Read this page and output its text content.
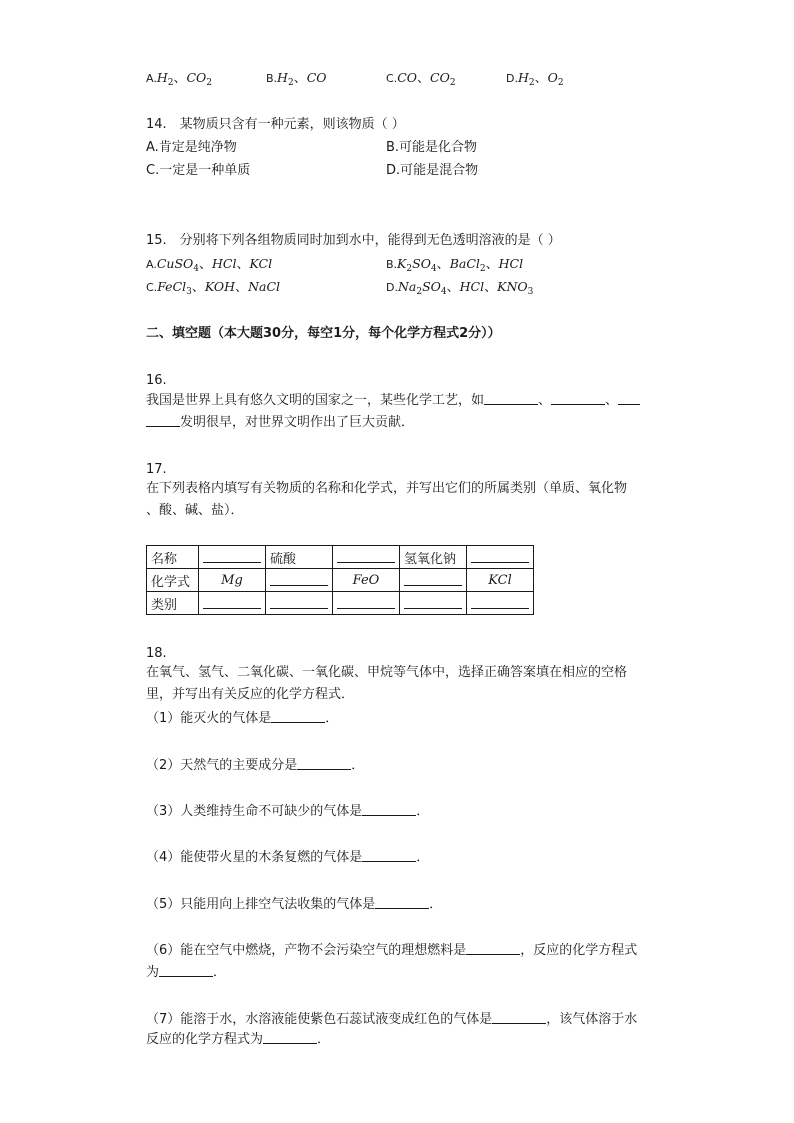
$A.H_2$、$CO_2$	$B.H_2$、CO	C.CO、$CO_2$	$D.H_2$、$O_2$
14.　某物质只含有一种元素，则该物质（ ）
A.肯定是纯净物	B.可能是化合物
C.一定是一种单质	D.可能是混合物
15.　分别将下列各组物质同时加到水中，能得到无色透明溶液的是（ ）
A.CuSO$_4$、HCl、KCl	$B.K_2SO_4$、BaCl$_2$、HCl
C.FeCl$_3$、KOH、NaCl	$D.Na_2SO_4$、HCl、$KNO_3$
二、填空题（本大题30分，每空1分，每个化学方程式2分））
16.
我国是世界上具有悠久文明的国家之一，某些化学工艺，如	、	、
发明很早，对世界文明作出了巨大贡献．
17.
在下列表格内填写有关物质的名称和化学式，并写出它们的所属类别（单质、氧化物
、酸、碱、盐）．
名称		硫酸		氢氧化钠	
化学式	Mg		FeO		KCl
类别					
18.
在氧气、氢气、二氧化碳、一氧化碳、甲烷等气体中，选择正确答案填在相应的空格
里，并写出有关反应的化学方程式．
（1）能灭火的气体是	．
（2）天然气的主要成分是	．
（3）人类维持生命不可缺少的气体是	．
（4）能使带火星的木条复燃的气体是	．
（5）只能用向上排空气法收集的气体是	．
（6）能在空气中燃烧，产物不会污染空气的理想燃料是	，反应的化学方程式
为	．
（7）能溶于水，水溶液能使紫色石蕊试液变成红色的气体是	，该气体溶于水
反应的化学方程式为	．
